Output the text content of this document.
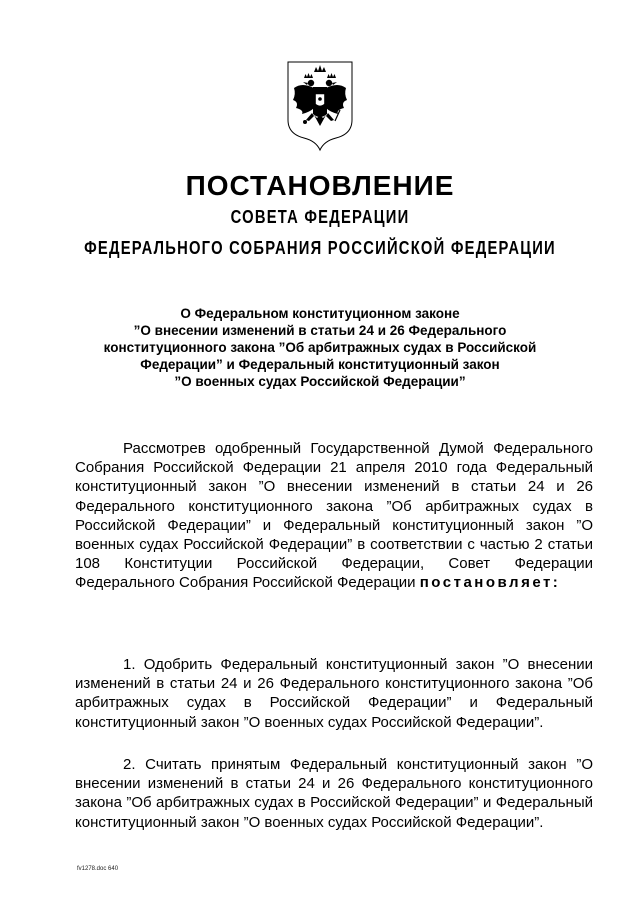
ПОСТАНОВЛЕНИЕ
СОВЕТА ФЕДЕРАЦИИ
ФЕДЕРАЛЬНОГО СОБРАНИЯ РОССИЙСКОЙ ФЕДЕРАЦИИ

О Федеральном конституционном законе
”О внесении изменений в статьи 24 и 26 Федерального
конституционного закона ”Об арбитражных судах в Российской
Федерации” и Федеральный конституционный закон
”О военных судах Российской Федерации”

Рассмотрев одобренный Государственной Думой Федерального Собрания Российской Федерации 21 апреля 2010 года Федеральный конституционный закон ”О внесении изменений в статьи 24 и 26 Федерального конституционного закона ”Об арбитражных судах в Российской Федерации” и Федеральный конституционный закон ”О военных судах Российской Федерации” в соответствии с частью 2 статьи 108 Конституции Российской Федерации, Совет Федерации Федерального Собрания Российской Федерации постановляет:

1. Одобрить Федеральный конституционный закон ”О внесении изменений в статьи 24 и 26 Федерального конституционного закона ”Об арбитражных судах в Российской Федерации” и Федеральный конституционный закон ”О военных судах Российской Федерации”.

2. Считать принятым Федеральный конституционный закон ”О внесении изменений в статьи 24 и 26 Федерального конституционного закона ”Об арбитражных судах в Российской Федерации” и Федеральный конституционный закон ”О военных судах Российской Федерации”.

fv1278.doc 640
